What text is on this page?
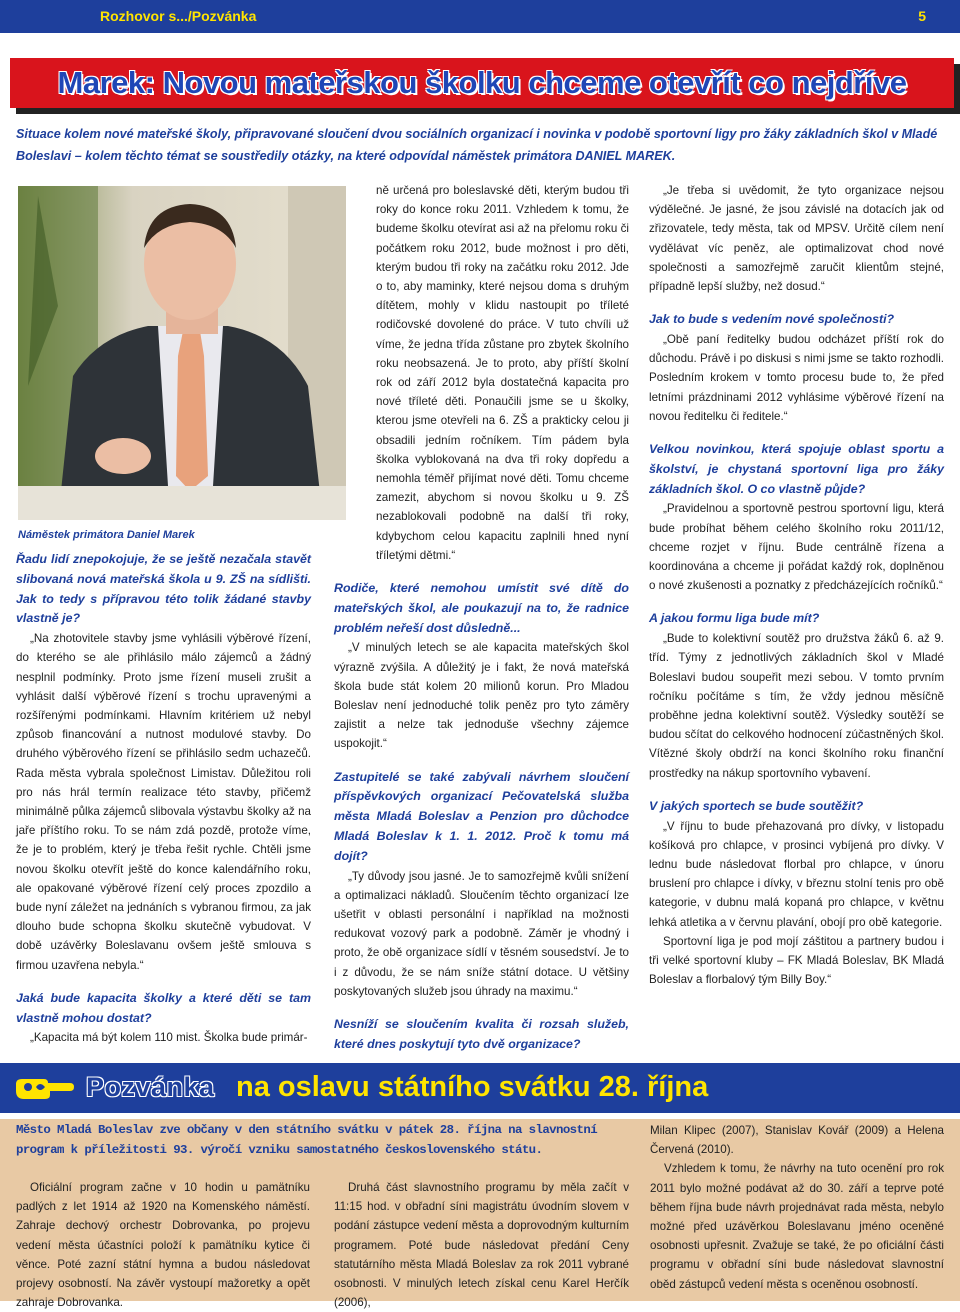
Rozhovor s.../Pozvánka	5
Marek: Novou mateřskou školku chceme otevřít co nejdříve
Situace kolem nové mateřské školy, připravované sloučení dvou sociálních organizací i novinka v podobě sportovní ligy pro žáky základních škol v Mladé Boleslavi – kolem těchto témat se soustředily otázky, na které odpovídal náměstek primátora DANIEL MAREK.
Náměstek primátora Daniel Marek

Řadu lidí znepokojuje, že se ještě nezačala stavět slibovaná nová mateřská škola u 9. ZŠ na sídlišti. Jak to tedy s přípravou této tolik žádané stavby vlastně je?

„Na zhotovitele stavby jsme vyhlásili výběrové řízení, do kterého se ale přihlásilo málo zájemců a žádný nesplnil podmínky. Proto jsme řízení museli zrušit a vyhlásit další výběrové řízení s trochu upravenými a rozšířenými podmínkami. Hlavním kritériem už nebyl způsob financování a nutnost modulové stavby. Do druhého výběrového řízení se přihlásilo sedm uchazečů. Rada města vybrala společnost Limistav. Důležitou roli pro nás hrál termín realizace této stavby, přičemž minimálně půlka zájemců slibovala výstavbu školky až na jaře příštího roku. To se nám zdá pozdě, protože víme, že je to problém, který je třeba řešit rychle. Chtěli jsme novou školku otevřít ještě do konce kalendářního roku, ale opakované výběrové řízení celý proces zpozdilo a bude nyní záležet na jednáních s vybranou firmou, za jak dlouho bude schopna školku skutečně vybudovat. V době uzávěrky Boleslavanu ovšem ještě smlouva s firmou uzavřena nebyla.“

Jaká bude kapacita školky a které děti se tam vlastně mohou dostat?

„Kapacita má být kolem 110 mist. Školka bude primár-

ně určená pro boleslavské děti, kterým budou tři roky do konce roku 2011. Vzhledem k tomu, že budeme školku otevírat asi až na přelomu roku či počátkem roku 2012, bude možnost i pro děti, kterým budou tři roky na začátku roku 2012. Jde o to, aby maminky, které nejsou doma s druhým dítětem, mohly v klidu nastoupit po tříleté rodičovské dovolené do práce. V tuto chvíli už víme, že jedna třída zůstane pro zbytek školního roku neobsazená. Je to proto, aby příští školní rok od září 2012 byla dostatečná kapacita pro nové tříleté děti. Ponaučili jsme se u školky, kterou jsme otevřeli na 6. ZŠ a prakticky celou ji obsadili jedním ročníkem. Tím pádem byla školka vyblokovaná na dva tři roky dopředu a nemohla téměř přijímat nové děti. Tomu chceme zamezit, abychom si novou školku u 9. ZŠ nezablokovali podobně na další tři roky, kdybychom celou kapacitu zaplnili hned nyní tříletými dětmi.“

Rodiče, které nemohou umístit své dítě do mateřských škol, ale poukazují na to, že radnice problém neřeší dost důsledně...

„V minulých letech se ale kapacita mateřských škol výrazně zvýšila. A důležitý je i fakt, že nová mateřská škola bude stát kolem 20 milionů korun. Pro Mladou Boleslav není jednoduché tolik peněz pro tyto záměry zajistit a nelze tak jednoduše všechny zájemce uspokojit.“

Zastupitelé se také zabývali návrhem sloučení příspěvkových organizací Pečovatelská služba města Mladá Boleslav a Penzion pro důchodce Mladá Boleslav k 1. 1. 2012. Proč k tomu má dojít?

„Ty důvody jsou jasné. Je to samozřejmě kvůli snížení a optimalizaci nákladů. Sloučením těchto organizací lze ušetřit v oblasti personální i například na možnosti redukovat vozový park a podobně. Záměr je vhodný i proto, že obě organizace sídlí v těsném sousedství. Je to i z důvodu, že se nám sníže státní dotace. U většiny poskytovaných služeb jsou úhrady na maximu.“

Nesníží se sloučením kvalita či rozsah služeb, které dnes poskytují tyto dvě organizace?

„Je třeba si uvědomit, že tyto organizace nejsou výdělečné. Je jasné, že jsou závislé na dotacích jak od zřizovatele, tedy města, tak od MPSV. Určitě cílem není vydělávat víc peněz, ale optimalizovat chod nové společnosti a samozřejmě zaručit klientům stejné, případně lepší služby, než dosud.“

Jak to bude s vedením nové společnosti?

„Obě paní ředitelky budou odcházet příští rok do důchodu. Právě i po diskusi s nimi jsme se takto rozhodli. Posledním krokem v tomto procesu bude to, že před letními prázdninami 2012 vyhlásime výběrové řízení na novou ředitelku či ředitele.“

Velkou novinkou, která spojuje oblast sportu a školství, je chystaná sportovní liga pro žáky základních škol. O co vlastně půjde?

„Pravidelnou a sportovně pestrou sportovní ligu, která bude probíhat během celého školního roku 2011/12, chceme rozjet v říjnu. Bude centrálně řízena a koordinována a chceme ji pořádat každý rok, doplněnou o nové zkušenosti a poznatky z předcházejících ročníků.“

A jakou formu liga bude mít?

„Bude to kolektivní soutěž pro družstva žáků 6. až 9. tříd. Týmy z jednotlivých základních škol v Mladé Boleslavi budou soupeřit mezi sebou. V tomto prvním ročníku počítáme s tím, že vždy jednou měsíčně proběhne jedna kolektivní soutěž. Výsledky soutěží se budou sčítat do celkového hodnocení zúčastněných škol. Vítězné školy obdrží na konci školního roku finanční prostředky na nákup sportovního vybavení.

V jakých sportech se bude soutěžit?

„V říjnu to bude přehazovaná pro dívky, v listopadu košíková pro chlapce, v prosinci vybíjená pro dívky. V lednu bude následovat florbal pro chlapce, v únoru bruslení pro chlapce i dívky, v březnu stolní tenis pro obě kategorie, v dubnu malá kopaná pro chlapce, v květnu lehká atletika a v červnu plavání, obojí pro obě kategorie.

Sportovní liga je pod mojí záštitou a partnery budou i tři velké sportovní kluby – FK Mladá Boleslav, BK Mladá Boleslav a florbalový tým Billy Boy.“

Pozvánka na oslavu státního svátku 28. října
Město Mladá Boleslav zve občany v den státního svátku v pátek 28. října na slavnostní program k příležitosti 93. výročí vzniku samostatného československého státu.

Oficiální program začne v 10 hodin u pamätníku padlých z let 1914 až 1920 na Komenského náměstí. Zahraje dechový orchestr Dobrovanka, po projevu vedení města účastníci položí k pamätníku kytice či věnce. Poté zazní státní hymna a budou následovat projevy osobností. Na závěr vystoupí mažoretky a opět zahraje Dobrovanka.

Druhá část slavnostního programu by měla začít v 11:15 hod. v obřadní síni magistrátu úvodním slovem v podání zástupce vedení města a doprovodným kulturním programem. Poté bude následovat předání Ceny statutárního města Mladá Boleslav za rok 2011 vybrané osobnosti. V minulých letech získal cenu Karel Herčík (2006),

Milan Klipec (2007), Stanislav Kovář (2009) a Helena Červená (2010).

Vzhledem k tomu, že návrhy na tuto ocenění pro rok 2011 bylo možné podávat až do 30. září a teprve poté během října bude návrh projednávat rada města, nebylo možné před uzávěrkou Boleslavanu jméno oceněné osobnosti upřesnit. Zvažuje se také, že po oficiální části programu v obřadní síni bude následovat slavnostní oběd zástupců vedení města s oceněnou osobností.
